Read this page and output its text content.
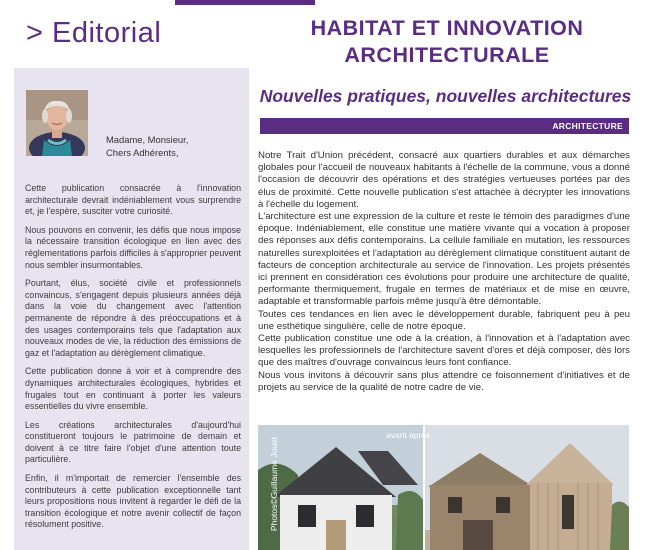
> Editorial
Madame, Monsieur,
Chers Adhérents,

Cette publication consacrée à l'innovation architecturale devrait indéniablement vous surprendre et, je l'espère, susciter votre curiosité.

Nous pouvons en convenir, les défis que nous impose la nécessaire transition écologique en lien avec des réglementations parfois difficiles à s'approprier peuvent nous sembler insurmontables.

Pourtant, élus, société civile et professionnels convaincus, s'engagent depuis plusieurs années déjà dans la voie du changement avec l'attention permanente de répondre à des préoccupations et à des usages contemporains tels que l'adaptation aux nouveaux modes de vie, la réduction des émissions de gaz et l'adaptation au dérèglement climatique.

Cette publication donne à voir et à comprendre des dynamiques architecturales écologiques, hybrides et frugales tout en continuant à porter les valeurs essentielles du vivre ensemble.

Les créations architecturales d'aujourd'hui constitueront toujours le patrimoine de demain et doivent à ce titre faire l'objet d'une attention toute particulière.

Enfin, il m'importait de remercier l'ensemble des contributeurs à cette publication exceptionnelle tant leurs propositions nous invitent à regarder le défi de la transition écologique et notre avenir collectif de façon résolument positive.

HABITAT ET INNOVATION
ARCHITECTURALE
Nouvelles pratiques, nouvelles architectures
ARCHITECTURE

Notre Trait d'Union précédent, consacré aux quartiers durables et aux démarches globales pour l'accueil de nouveaux habitants à l'échelle de la commune, vous a donné l'occasion de découvrir des opérations et des stratégies vertueuses portées par des élus de proximité. Cette nouvelle publication s'est attachée à décrypter les innovations à l'échelle du logement.

L'architecture est une expression de la culture et reste le témoin des paradigmes d'une époque. Indéniablement, elle constitue une matière vivante qui a vocation à proposer des réponses aux défis contemporains. La cellule familiale en mutation, les ressources naturelles surexploitées et l'adaptation au dérèglement climatique constituent autant de facteurs de conception architecturale au service de l'innovation. Les projets présentés ici prennent en considération ces évolutions pour produire une architecture de qualité, performante thermiquement, frugale en termes de matériaux et de mise en œuvre, adaptable et transformable parfois même jusqu'à être démontable.

Toutes ces tendances en lien avec le développement durable, fabriquent peu à peu une esthétique singulière, celle de notre époque.

Cette publication constitue une ode à la création, à l'innovation et à l'adaptation avec lesquelles les professionnels de l'architecture savent d'ores et déjà composer, dès lors que des maîtres d'ouvrage convaincus leurs font confiance.

Nous vous invitons à découvrir sans plus attendre ce foisonnement d'initiatives et de projets au service de la qualité de notre cadre de vie.

Photos©Guillaume Jouet
avant après
